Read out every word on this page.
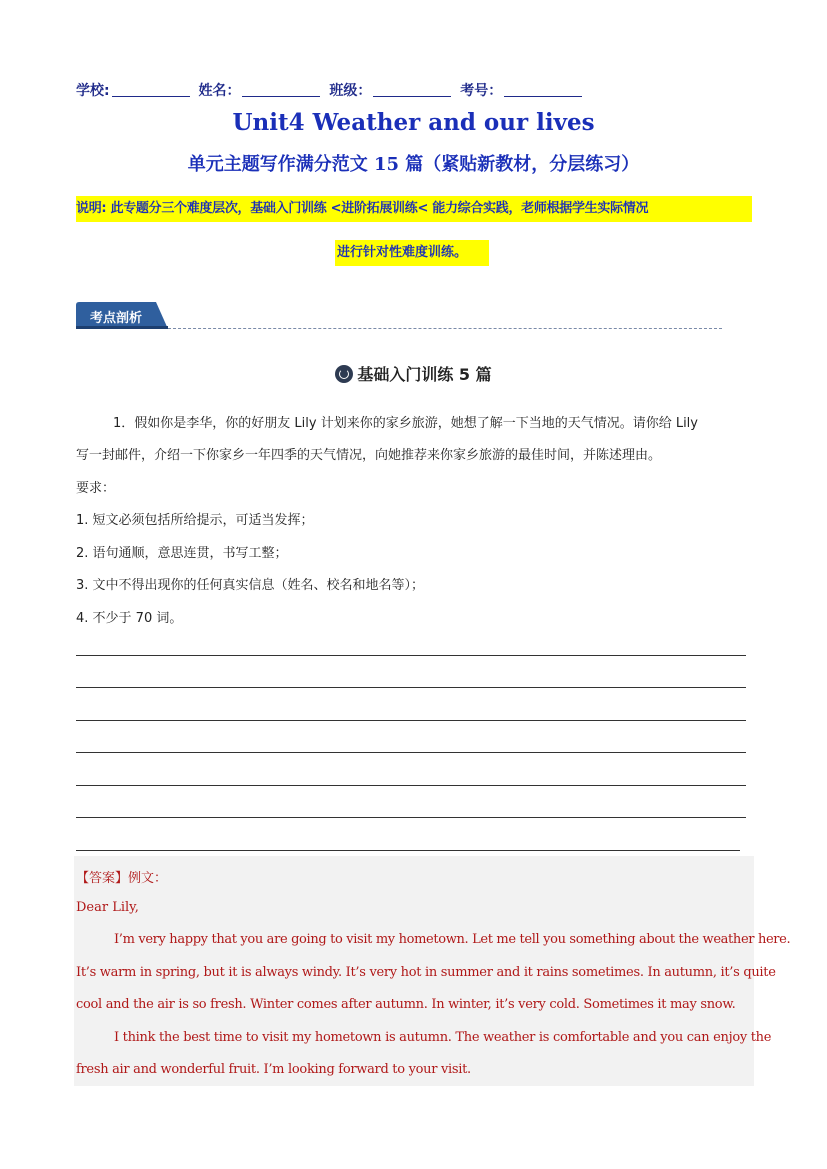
学校:	姓名：	班级：	考号：
Unit4 Weather and our lives
单元主题写作满分范文 15 篇（紧贴新教材，分层练习）
说明: 此专题分三个难度层次，基础入门训练 <进阶拓展训练< 能力综合实践，老师根据学生实际情况
进行针对性难度训练。
考点剖析
基础入门训练 5 篇
1．假如你是李华，你的好朋友 Lily 计划来你的家乡旅游，她想了解一下当地的天气情况。请你给 Lily
写一封邮件，介绍一下你家乡一年四季的天气情况，向她推荐来你家乡旅游的最佳时间，并陈述理由。
要求：
1. 短文必须包括所给提示，可适当发挥；
2. 语句通顺，意思连贯，书写工整；
3. 文中不得出现你的任何真实信息（姓名、校名和地名等）；
4. 不少于 70 词。
【答案】例文：
Dear Lily,
I’m very happy that you are going to visit my hometown. Let me tell you something about the weather here.
It’s warm in spring, but it is always windy. It’s very hot in summer and it rains sometimes. In autumn, it’s quite
cool and the air is so fresh. Winter comes after autumn. In winter, it’s very cold. Sometimes it may snow.
I think the best time to visit my hometown is autumn. The weather is comfortable and you can enjoy the
fresh air and wonderful fruit. I’m looking forward to your visit.
